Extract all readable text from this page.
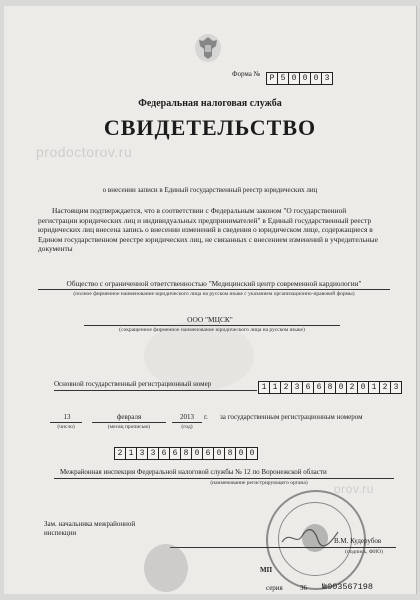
Форма №	Р 5 0 0 0 3
Федеральная налоговая служба
СВИДЕТЕЛЬСТВО
prodoctorov.ru
о внесении записи в Единый государственный реестр юридических лиц
Настоящим подтверждается, что в соответствии с Федеральным законом "О государственной регистрации юридических лиц и индивидуальных предпринимателей" в Единый государственный реестр юридических лиц внесена запись о внесении изменений в сведения о юридическом лице, содержащиеся в Едином государственном реестре юридических лиц, не связанных с внесением изменений в учредительные документы
Общество с ограниченной ответственностью "Медицинский центр современной кардиологии"
(полное фирменное наименование юридического лица на русском языке с указанием организационно-правовой формы)
ООО "МЦСК"
(сокращенное фирменное наименование юридического лица на русском языке)
Основной государственный регистрационный номер	1 1 2 3 6 6 8 0 2 0 1 2 3
13
(число)
февраля
(месяц прописью)
2013	г.
(год)
за государственным регистрационным номером
2 1 3 3 6 6 8 0 6 0 8 0 0
Межрайонная инспекция Федеральной налоговой службы № 12 по Воронежской области
(наименование регистрирующего органа)	orov.ru
Зам. начальника межрайонной инспекции
В.М. Кудерубов
(подпись, ФИО)
МП
серия 36 №003567198
